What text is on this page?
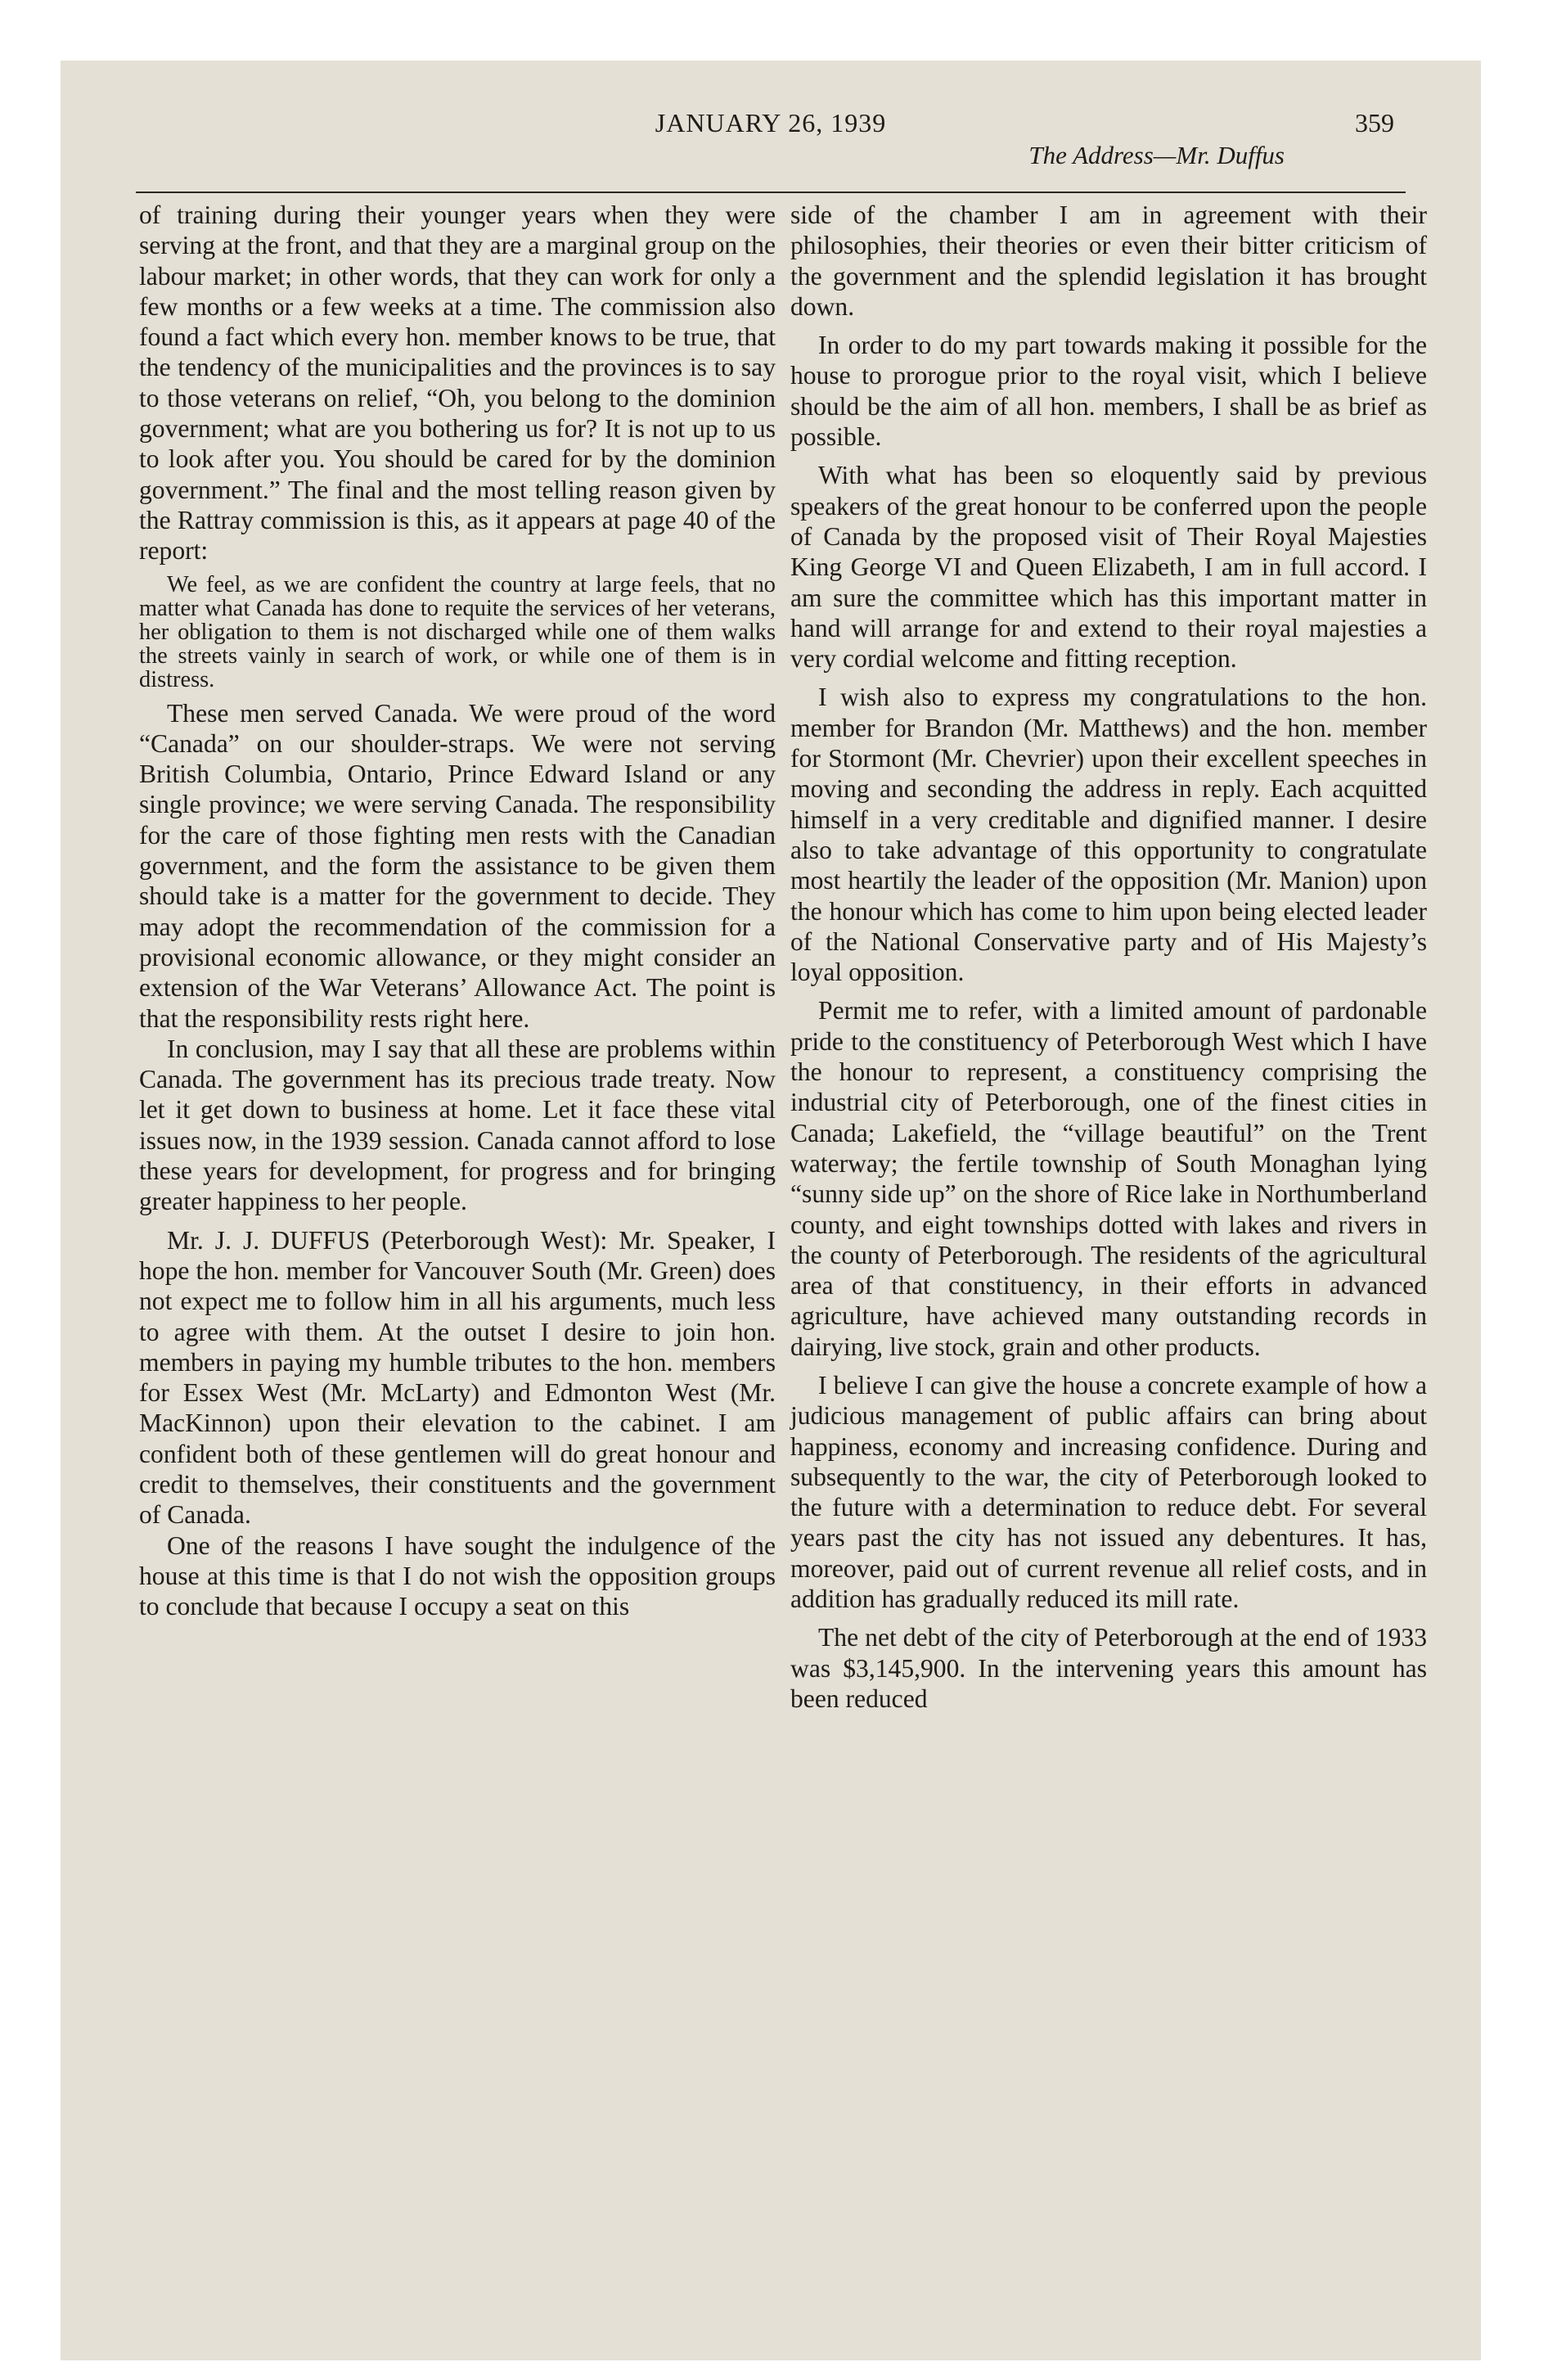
JANUARY 26, 1939	359
The Address—Mr. Duffus

of training during their younger years when they were serving at the front, and that they are a marginal group on the labour market; in other words, that they can work for only a few months or a few weeks at a time. The commission also found a fact which every hon. member knows to be true, that the tendency of the municipalities and the provinces is to say to those veterans on relief, “Oh, you belong to the dominion government; what are you bothering us for? It is not up to us to look after you. You should be cared for by the dominion government.” The final and the most telling reason given by the Rattray commission is this, as it appears at page 40 of the report:

We feel, as we are confident the country at large feels, that no matter what Canada has done to requite the services of her veterans, her obligation to them is not discharged while one of them walks the streets vainly in search of work, or while one of them is in distress.

These men served Canada. We were proud of the word “Canada” on our shoulder-straps. We were not serving British Columbia, Ontario, Prince Edward Island or any single province; we were serving Canada. The responsibility for the care of those fighting men rests with the Canadian government, and the form the assistance to be given them should take is a matter for the government to decide. They may adopt the recommendation of the commission for a provisional economic allowance, or they might consider an extension of the War Veterans’ Allowance Act. The point is that the responsibility rests right here.

In conclusion, may I say that all these are problems within Canada. The government has its precious trade treaty. Now let it get down to business at home. Let it face these vital issues now, in the 1939 session. Canada cannot afford to lose these years for development, for progress and for bringing greater happiness to her people.

Mr. J. J. DUFFUS (Peterborough West): Mr. Speaker, I hope the hon. member for Vancouver South (Mr. Green) does not expect me to follow him in all his arguments, much less to agree with them. At the outset I desire to join hon. members in paying my humble tributes to the hon. members for Essex West (Mr. McLarty) and Edmonton West (Mr. MacKinnon) upon their elevation to the cabinet. I am confident both of these gentlemen will do great honour and credit to themselves, their constituents and the government of Canada.

One of the reasons I have sought the indulgence of the house at this time is that I do not wish the opposition groups to conclude that because I occupy a seat on this

side of the chamber I am in agreement with their philosophies, their theories or even their bitter criticism of the government and the splendid legislation it has brought down.

In order to do my part towards making it possible for the house to prorogue prior to the royal visit, which I believe should be the aim of all hon. members, I shall be as brief as possible.

With what has been so eloquently said by previous speakers of the great honour to be conferred upon the people of Canada by the proposed visit of Their Royal Majesties King George VI and Queen Elizabeth, I am in full accord. I am sure the committee which has this important matter in hand will arrange for and extend to their royal majesties a very cordial welcome and fitting reception.

I wish also to express my congratulations to the hon. member for Brandon (Mr. Matthews) and the hon. member for Stormont (Mr. Chevrier) upon their excellent speeches in moving and seconding the address in reply. Each acquitted himself in a very creditable and dignified manner. I desire also to take advantage of this opportunity to congratulate most heartily the leader of the opposition (Mr. Manion) upon the honour which has come to him upon being elected leader of the National Conservative party and of His Majesty’s loyal opposition.

Permit me to refer, with a limited amount of pardonable pride to the constituency of Peterborough West which I have the honour to represent, a constituency comprising the industrial city of Peterborough, one of the finest cities in Canada; Lakefield, the “village beautiful” on the Trent waterway; the fertile township of South Monaghan lying “sunny side up” on the shore of Rice lake in Northumberland county, and eight townships dotted with lakes and rivers in the county of Peterborough. The residents of the agricultural area of that constituency, in their efforts in advanced agriculture, have achieved many outstanding records in dairying, live stock, grain and other products.

I believe I can give the house a concrete example of how a judicious management of public affairs can bring about happiness, economy and increasing confidence. During and subsequently to the war, the city of Peterborough looked to the future with a determination to reduce debt. For several years past the city has not issued any debentures. It has, moreover, paid out of current revenue all relief costs, and in addition has gradually reduced its mill rate.

The net debt of the city of Peterborough at the end of 1933 was $3,145,900. In the intervening years this amount has been reduced
